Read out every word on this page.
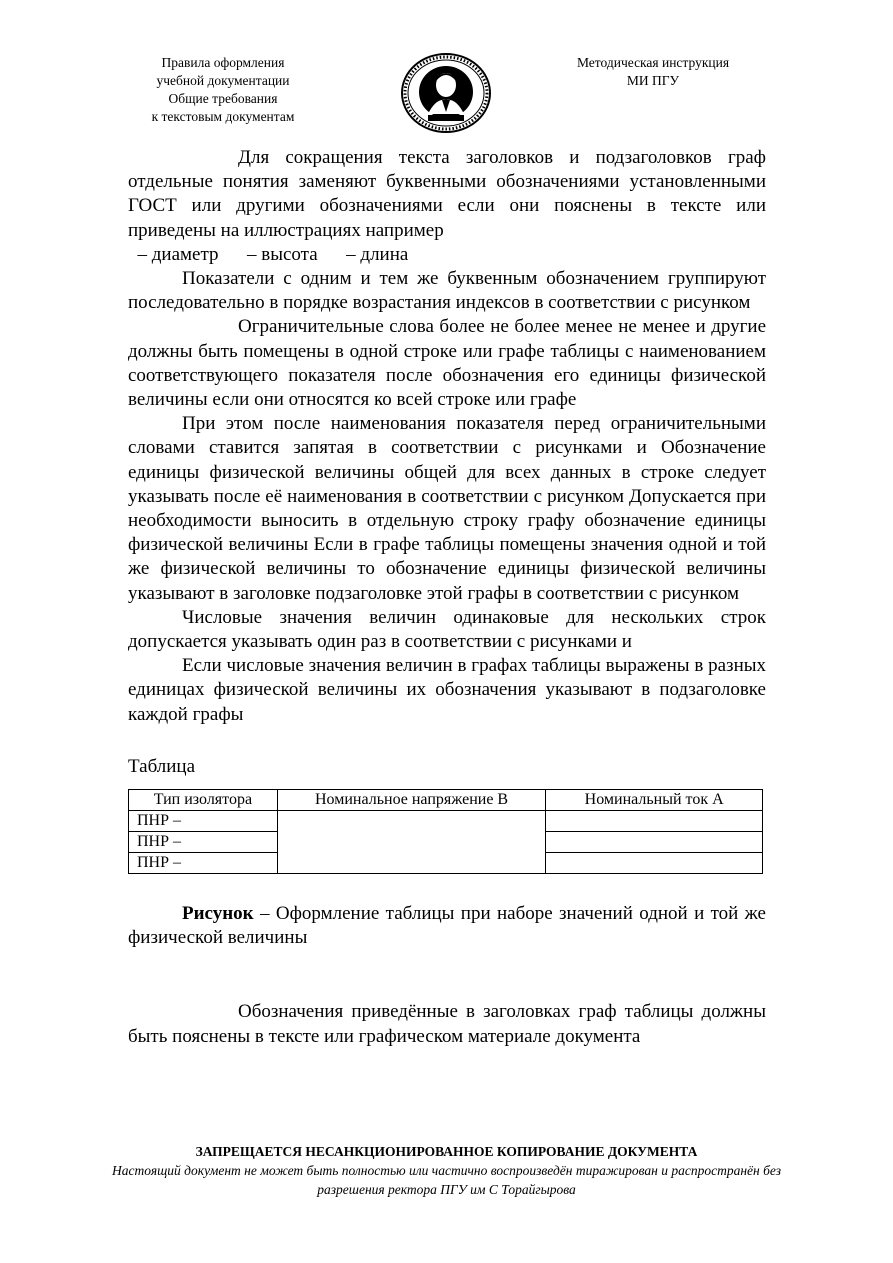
Правила оформления
учебной документации
Общие требования
к текстовым документам
Методическая инструкция
МИ ПГУ

Для сокращения текста заголовков и подзаголовков граф отдельные понятия заменяют буквенными обозначениями установленными ГОСТ или другими обозначениями если они пояснены в тексте или приведены на иллюстрациях например

– диаметр      – высота      – длина

Показатели с одним и тем же буквенным обозначением группируют последовательно в порядке возрастания индексов в соответствии с рисунком

Ограничительные слова более не более менее не менее и другие должны быть помещены в одной строке или графе таблицы с наименованием соответствующего показателя после обозначения его единицы физической величины если они относятся ко всей строке или графе

При этом после наименования показателя перед ограничительными словами ставится запятая в соответствии с рисунками и Обозначение единицы физической величины общей для всех данных в строке следует указывать после её наименования в соответствии с рисунком Допускается при необходимости выносить в отдельную строку графу обозначение единицы физической величины Если в графе таблицы помещены значения одной и той же физической величины то обозначение единицы физической величины указывают в заголовке подзаголовке этой графы в соответствии с рисунком

Числовые значения величин одинаковые для нескольких строк допускается указывать один раз в соответствии с рисунками и

Если числовые значения величин в графах таблицы выражены в разных единицах физической величины их обозначения указывают в подзаголовке каждой графы

Таблица
Тип изолятора	Номинальное напряжение В	Номинальный ток А
ПНР –		
ПНР –		
ПНР –		

Рисунок – Оформление таблицы при наборе значений одной и той же физической величины

Обозначения приведённые в заголовках граф таблицы должны быть пояснены в тексте или графическом материале документа

ЗАПРЕЩАЕТСЯ НЕСАНКЦИОНИРОВАННОЕ КОПИРОВАНИЕ ДОКУМЕНТА
Настоящий документ не может быть полностью или частично воспроизведён тиражирован и распространён без разрешения ректора ПГУ им С Торайгырова
